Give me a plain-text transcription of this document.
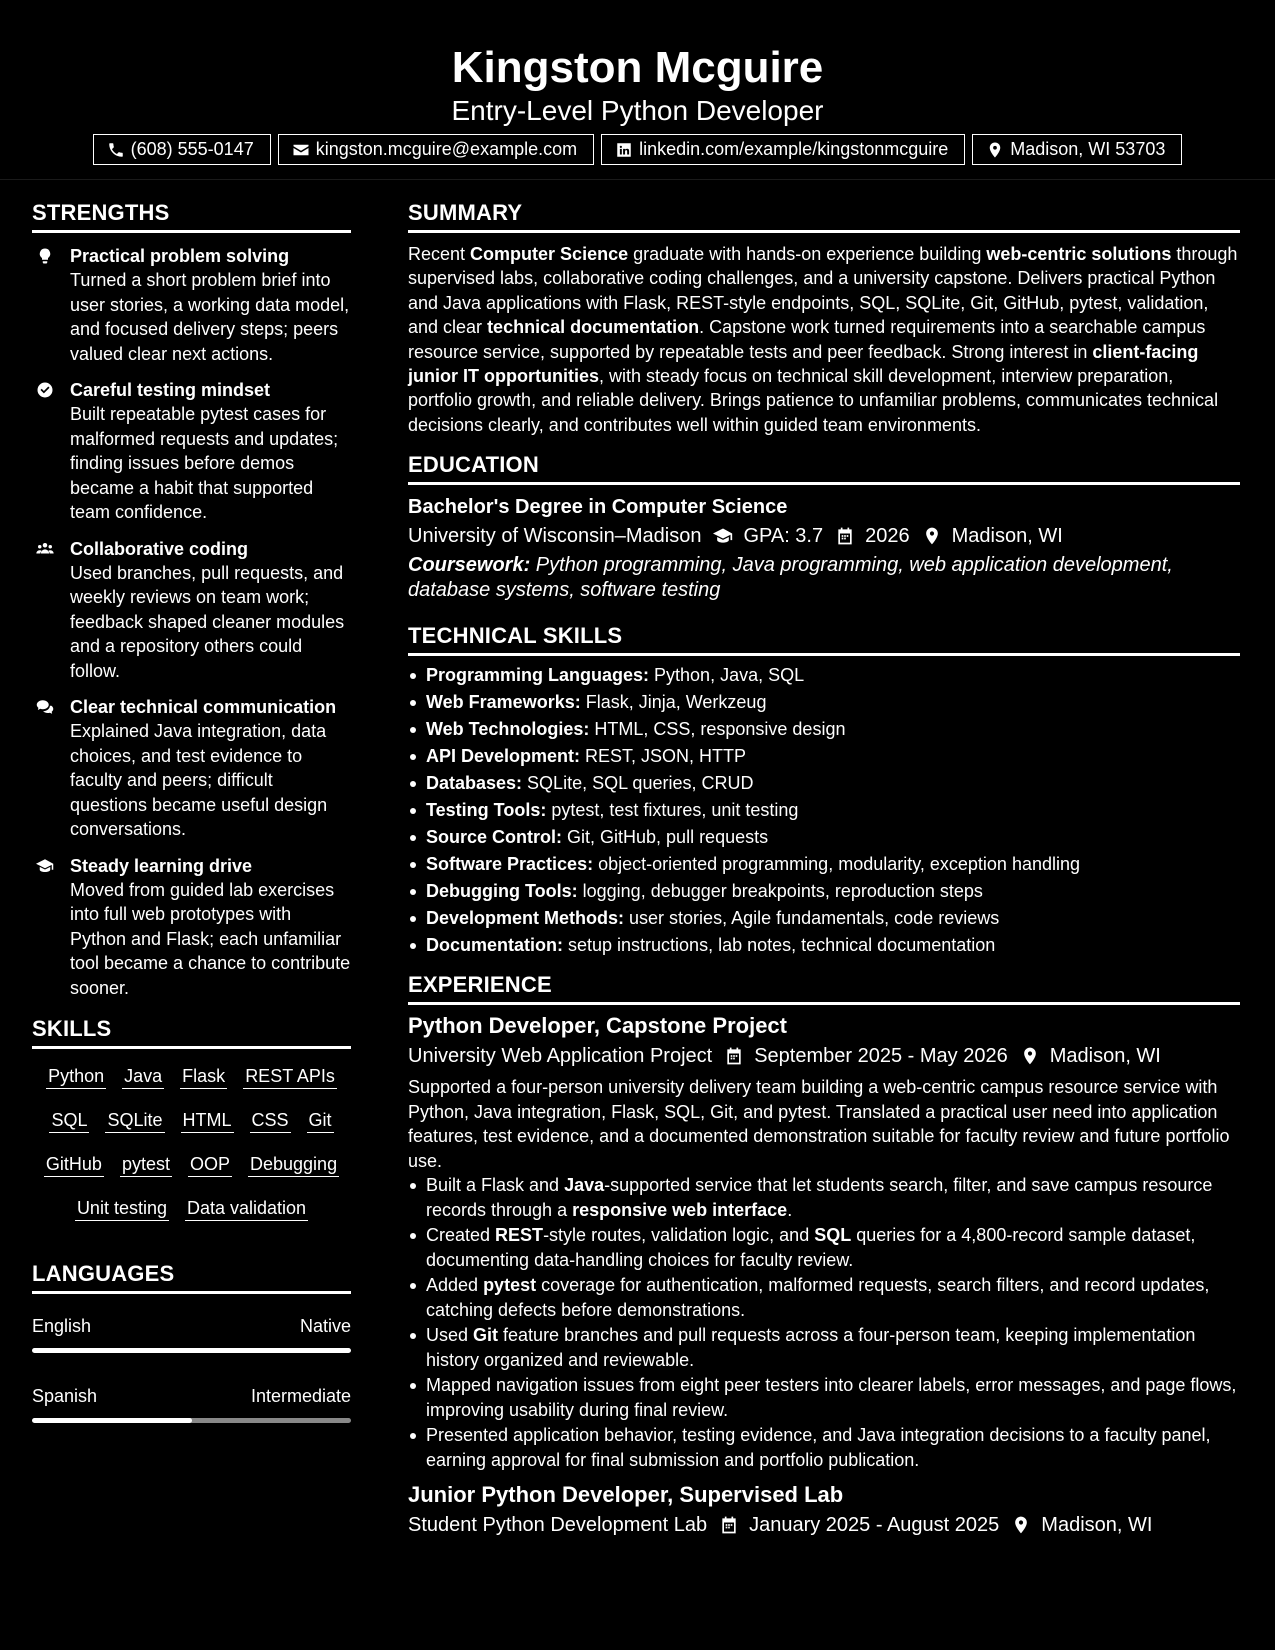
Kingston Mcguire
Entry-Level Python Developer
(608) 555-0147	kingston.mcguire@example.com	linkedin.com/example/kingstonmcguire	Madison, WI 53703
STRENGTHS
Practical problem solving
Turned a short problem brief into user stories, a working data model, and focused delivery steps; peers valued clear next actions.
Careful testing mindset
Built repeatable pytest cases for malformed requests and updates; finding issues before demos became a habit that supported team confidence.
Collaborative coding
Used branches, pull requests, and weekly reviews on team work; feedback shaped cleaner modules and a repository others could follow.
Clear technical communication
Explained Java integration, data choices, and test evidence to faculty and peers; difficult questions became useful design conversations.
Steady learning drive
Moved from guided lab exercises into full web prototypes with Python and Flask; each unfamiliar tool became a chance to contribute sooner.
SKILLS
Python Java Flask REST APIs
SQL SQLite HTML CSS Git
GitHub pytest OOP Debugging
Unit testing Data validation
LANGUAGES
English	Native
Spanish	Intermediate
SUMMARY

Recent Computer Science graduate with hands-on experience building web-centric solutions through supervised labs, collaborative coding challenges, and a university capstone. Delivers practical Python and Java applications with Flask, REST-style endpoints, SQL, SQLite, Git, GitHub, pytest, validation, and clear technical documentation. Capstone work turned requirements into a searchable campus resource service, supported by repeatable tests and peer feedback. Strong interest in client-facing junior IT opportunities, with steady focus on technical skill development, interview preparation, portfolio growth, and reliable delivery. Brings patience to unfamiliar problems, communicates technical decisions clearly, and contributes well within guided team environments.

EDUCATION
Bachelor's Degree in Computer Science
University of Wisconsin–Madison GPA: 3.7 2026 Madison, WI

Coursework: Python programming, Java programming, web application development, database systems, software testing

TECHNICAL SKILLS
Programming Languages: Python, Java, SQL
Web Frameworks: Flask, Jinja, Werkzeug
Web Technologies: HTML, CSS, responsive design
API Development: REST, JSON, HTTP
Databases: SQLite, SQL queries, CRUD
Testing Tools: pytest, test fixtures, unit testing
Source Control: Git, GitHub, pull requests
Software Practices: object-oriented programming, modularity, exception handling
Debugging Tools: logging, debugger breakpoints, reproduction steps
Development Methods: user stories, Agile fundamentals, code reviews
Documentation: setup instructions, lab notes, technical documentation
EXPERIENCE
Python Developer, Capstone Project
University Web Application Project September 2025 - May 2026 Madison, WI

Supported a four-person university delivery team building a web-centric campus resource service with Python, Java integration, Flask, SQL, Git, and pytest. Translated a practical user need into application features, test evidence, and a documented demonstration suitable for faculty review and future portfolio use.

Built a Flask and Java-supported service that let students search, filter, and save campus resource records through a responsive web interface.
Created REST-style routes, validation logic, and SQL queries for a 4,800-record sample dataset, documenting data-handling choices for faculty review.
Added pytest coverage for authentication, malformed requests, search filters, and record updates, catching defects before demonstrations.
Used Git feature branches and pull requests across a four-person team, keeping implementation history organized and reviewable.
Mapped navigation issues from eight peer testers into clearer labels, error messages, and page flows, improving usability during final review.
Presented application behavior, testing evidence, and Java integration decisions to a faculty panel, earning approval for final submission and portfolio publication.
Junior Python Developer, Supervised Lab
Student Python Development Lab January 2025 - August 2025 Madison, WI
